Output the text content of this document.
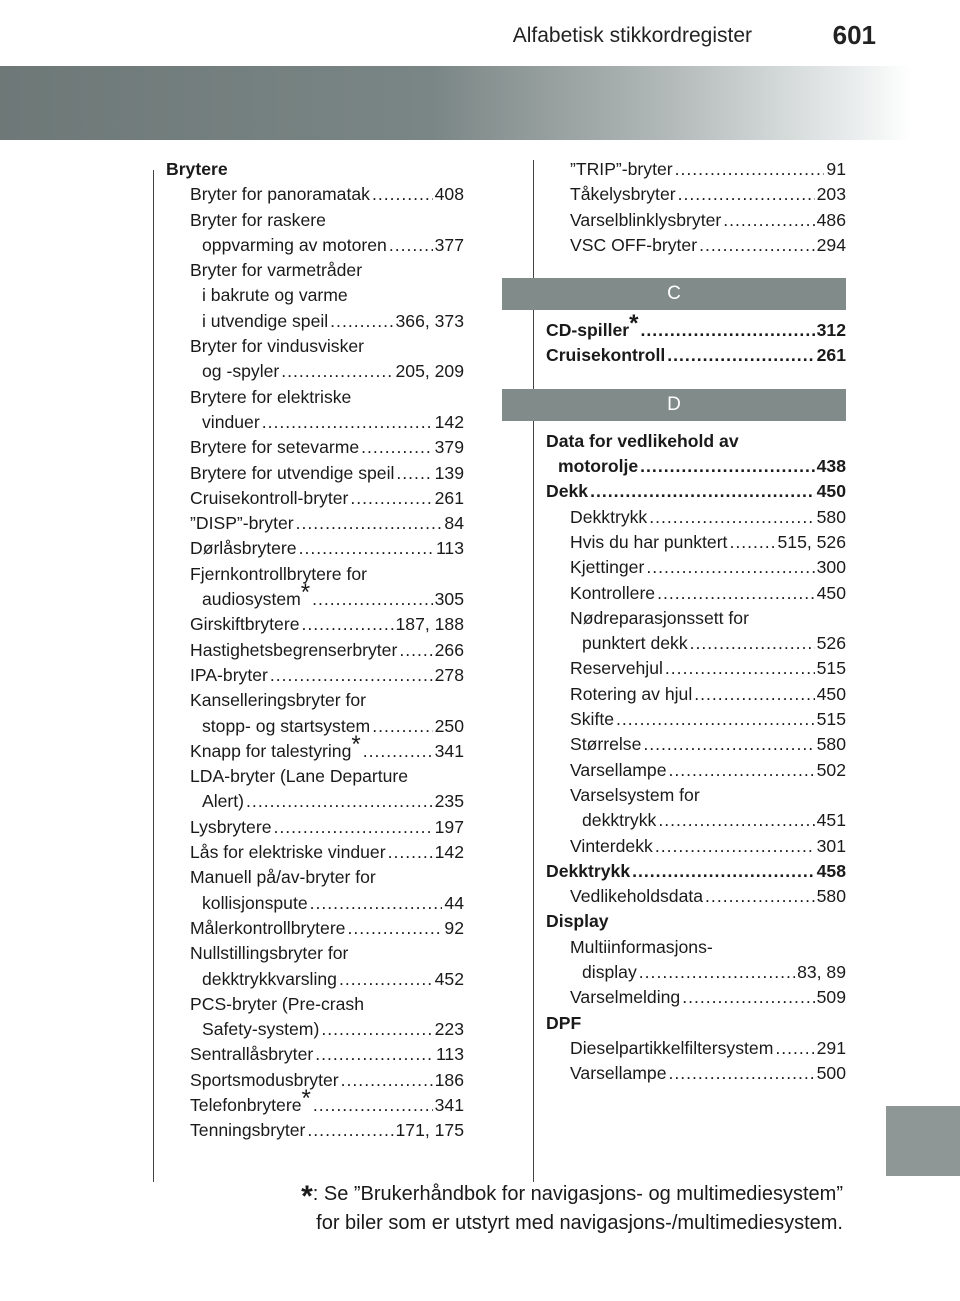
Alfabetisk stikkordregister	601
Brytere
Bryter for panoramatak .....	408
Bryter for raskere
oppvarming av motoren .....	377
Bryter for varmetråder
i bakrute og varme
i utvendige speil .....	366, 373
Bryter for vindusvisker
og -spyler .....	205, 209
Brytere for elektriske
vinduer .....	142
Brytere for setevarme .....	379
Brytere for utvendige speil ..... 139
Cruisekontroll-bryter .....	261
”DISP”-bryter .....	84
Dørlåsbrytere .....	113
Fjernkontrollbrytere for
audiosystem* .....	305
Girskiftbrytere .....	187, 188
Hastighetsbegrenserbryter ..... 266
IPA-bryter .....	278
Kanselleringsbryter for
stopp- og startsystem .....	250
Knapp for talestyring* .....	341
LDA-bryter (Lane Departure
Alert) .....	235
Lysbrytere .....	197
Lås for elektriske vinduer .....	142
Manuell på/av-bryter for
kollisjonspute .....	44
Målerkontrollbrytere .....	92
Nullstillingsbryter for
dekktrykkvarsling .....	452
PCS-bryter (Pre-crash
Safety-system) .....	223
Sentrallåsbryter .....	113
Sportsmodusbryter .....	186
Telefonbrytere* .....	341
Tenningsbryter .....	171, 175
”TRIP”-bryter .....	91
Tåkelysbryter .....	203
Varselblinklysbryter .....	486
VSC OFF-bryter .....	294
C
CD-spiller* .....	312
Cruisekontroll .....	261
D
Data for vedlikehold av
motorolje .....	438
Dekk .....	450
Dekktrykk .....	580
Hvis du har punktert .....	515, 526
Kjettinger .....	300
Kontrollere .....	450
Nødreparasjonssett for
punktert dekk .....	526
Reservehjul .....	515
Rotering av hjul .....	450
Skifte .....	515
Størrelse .....	580
Varsellampe .....	502
Varselsystem for
dekktrykk .....	451
Vinterdekk .....	301
Dekktrykk .....	458
Vedlikeholdsdata .....	580
Display
Multiinformasjons-
display .....	83, 89
Varselmelding .....	509
DPF
Dieselpartikkelfiltersystem ..... 291
Varsellampe .....	500
*: Se ”Brukerhåndbok for navigasjons- og multimediesystem”
for biler som er utstyrt med navigasjons-/multimediesystem.
